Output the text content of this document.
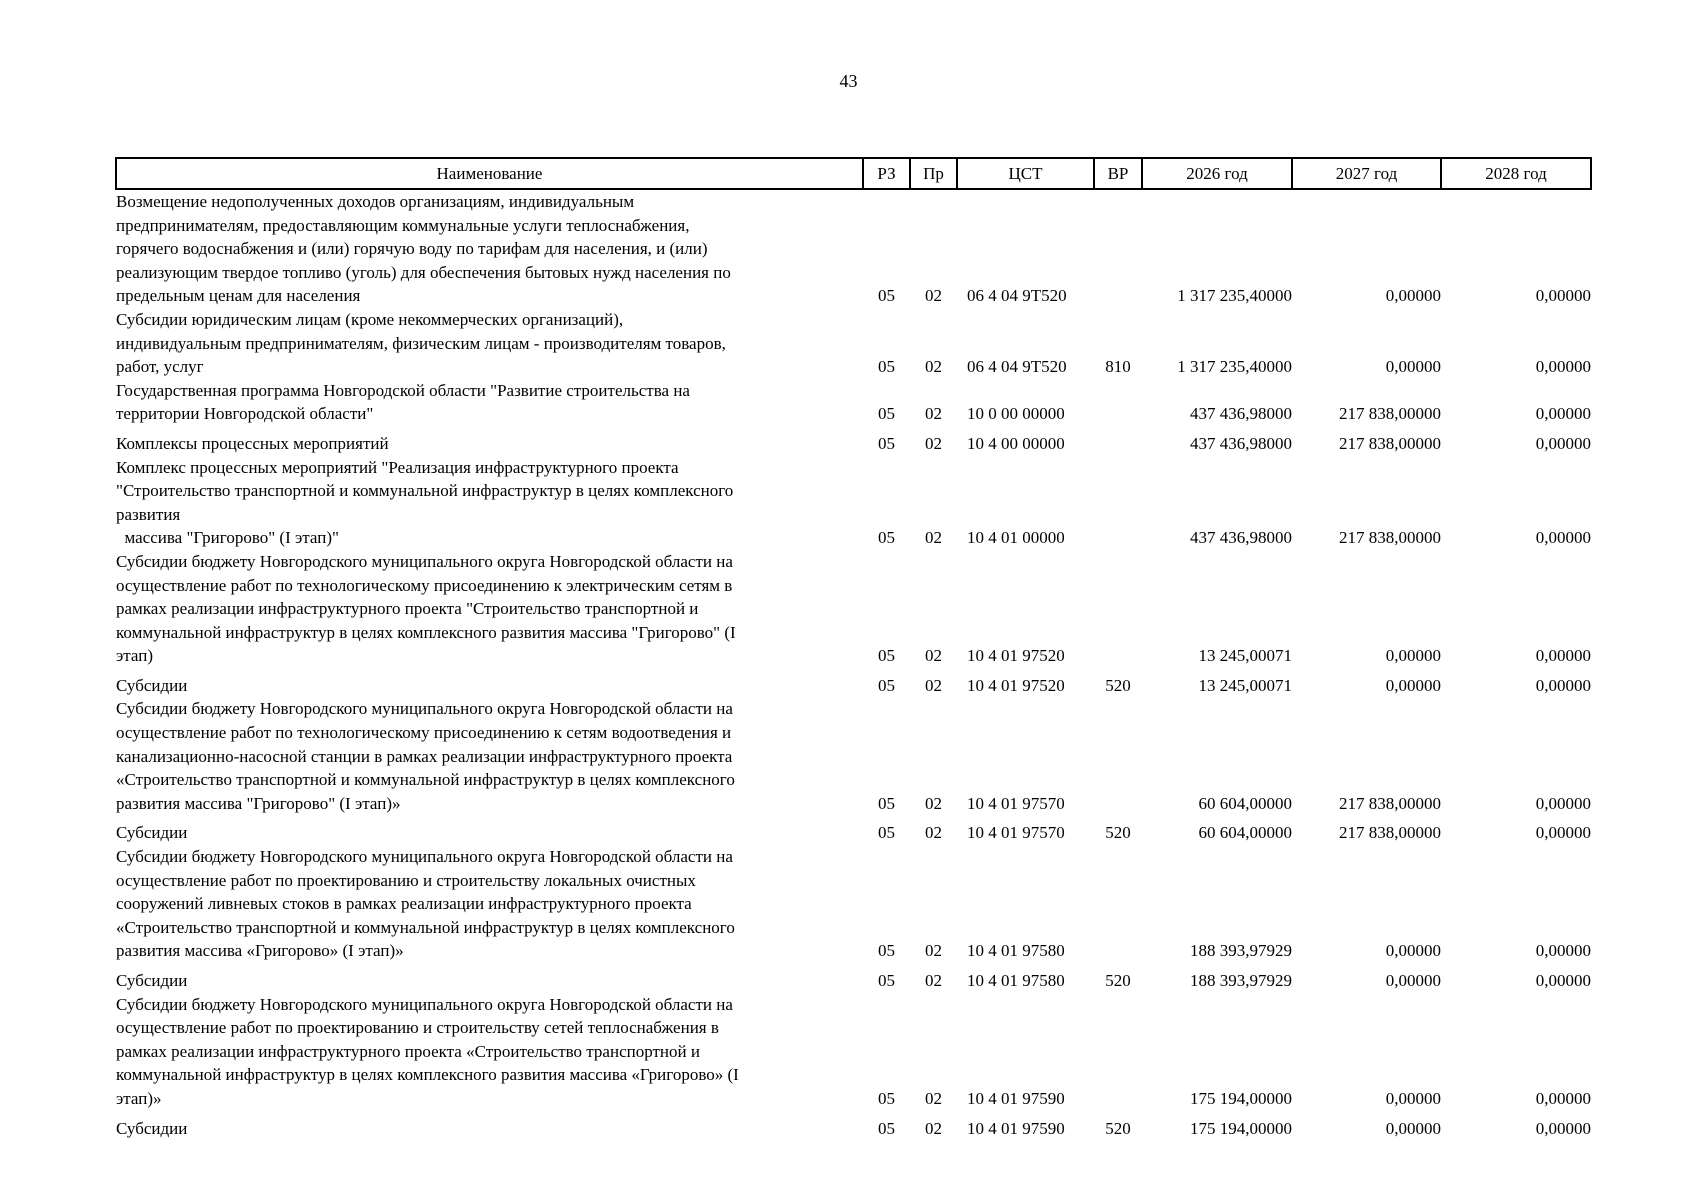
43
Наименование	РЗ	Пр	ЦСТ	ВР	2026 год	2027 год	2028 год

Возмещение недополученных доходов организациям, индивидуальным
предпринимателям, предоставляющим коммунальные услуги теплоснабжения,
горячего водоснабжения и (или) горячую воду по тарифам для населения, и (или)
реализующим твердое топливо (уголь) для обеспечения бытовых нужд населения по
предельным ценам для населения	05	02	06 4 04 9Т520		1 317 235,40000	0,00000	0,00000

Субсидии юридическим лицам (кроме некоммерческих организаций),
индивидуальным предпринимателям, физическим лицам - производителям товаров,
работ, услуг	05	02	06 4 04 9Т520	810	1 317 235,40000	0,00000	0,00000

Государственная программа Новгородской области "Развитие строительства на
территории Новгородской области"	05	02	10 0 00 00000		437 436,98000	217 838,00000	0,00000

Комплексы процессных мероприятий	05	02	10 4 00 00000		437 436,98000	217 838,00000	0,00000

Комплекс процессных мероприятий "Реализация инфраструктурного проекта
"Строительство транспортной и коммунальной инфраструктур в целях комплексного
развития
массива "Григорово" (I этап)"	05	02	10 4 01 00000		437 436,98000	217 838,00000	0,00000

Субсидии бюджету Новгородского муниципального округа Новгородской области на
осуществление работ по технологическому присоединению к электрическим сетям в
рамках реализации инфраструктурного проекта "Строительство транспортной и
коммунальной инфраструктур в целях комплексного развития массива "Григорово" (I
этап)	05	02	10 4 01 97520		13 245,00071	0,00000	0,00000

Субсидии	05	02	10 4 01 97520	520	13 245,00071	0,00000	0,00000

Субсидии бюджету Новгородского муниципального округа Новгородской области на
осуществление работ по технологическому присоединению к сетям водоотведения и
канализационно-насосной станции в рамках реализации инфраструктурного проекта
«Строительство транспортной и коммунальной инфраструктур в целях комплексного
развития массива "Григорово" (I этап)»	05	02	10 4 01 97570		60 604,00000	217 838,00000	0,00000

Субсидии	05	02	10 4 01 97570	520	60 604,00000	217 838,00000	0,00000

Субсидии бюджету Новгородского муниципального округа Новгородской области на
осуществление работ по проектированию и строительству локальных очистных
сооружений ливневых стоков в рамках реализации инфраструктурного проекта
«Строительство транспортной и коммунальной инфраструктур в целях комплексного
развития массива «Григорово» (I этап)»	05	02	10 4 01 97580		188 393,97929	0,00000	0,00000

Субсидии	05	02	10 4 01 97580	520	188 393,97929	0,00000	0,00000

Субсидии бюджету Новгородского муниципального округа Новгородской области на
осуществление работ по проектированию и строительству сетей теплоснабжения в
рамках реализации инфраструктурного проекта «Строительство транспортной и
коммунальной инфраструктур в целях комплексного развития массива «Григорово» (I
этап)»	05	02	10 4 01 97590		175 194,00000	0,00000	0,00000

Субсидии	05	02	10 4 01 97590	520	175 194,00000	0,00000	0,00000
